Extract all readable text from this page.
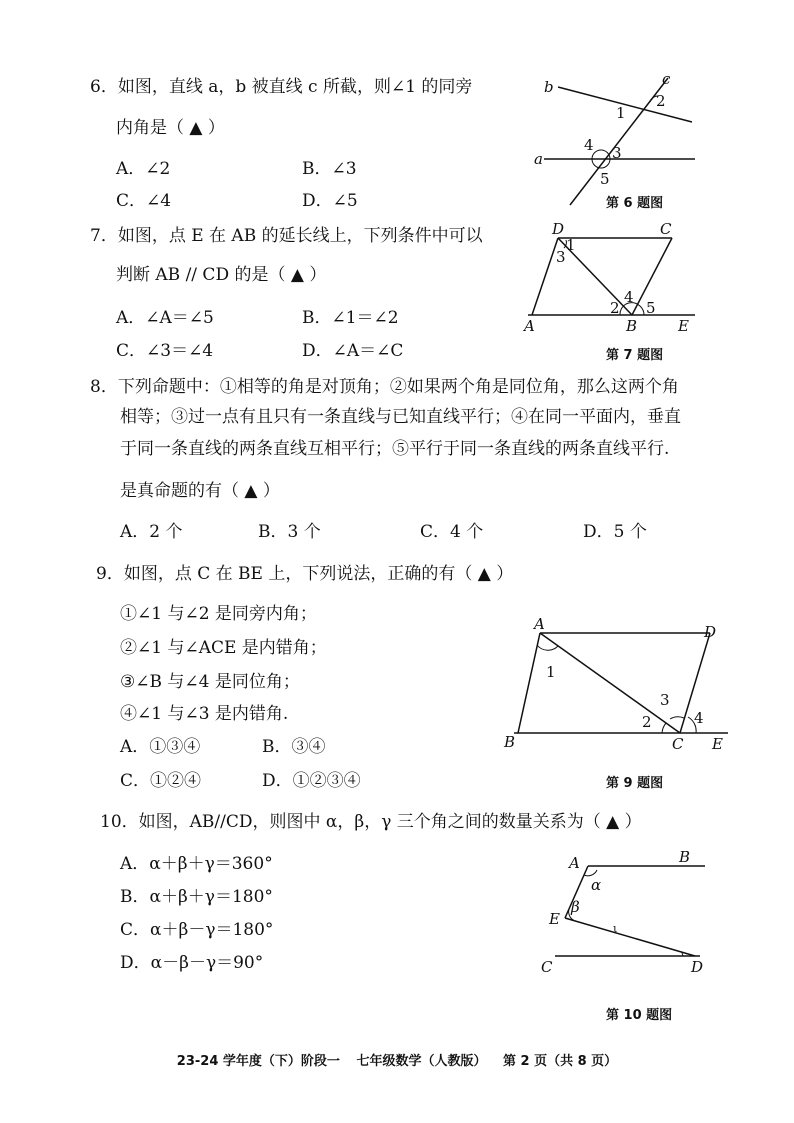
6．如图，直线 a，b 被直线 c 所截，则∠1 的同旁
内角是（ ▲ ）
A．∠2	B．∠3
C．∠4	D．∠5
b
a
c
1
2
3
4
5
第 6 题图
7．如图，点 E 在 AB 的延长线上，下列条件中可以
判断 AB // CD 的是（ ▲ ）
A．∠A＝∠5	B．∠1＝∠2
C．∠3＝∠4	D．∠A＝∠C
D	C
A	B	E
1
3
2
4
5
第 7 题图
8．下列命题中：①相等的角是对顶角；②如果两个角是同位角，那么这两个角
相等；③过一点有且只有一条直线与已知直线平行；④在同一平面内，垂直
于同一条直线的两条直线互相平行；⑤平行于同一条直线的两条直线平行.
是真命题的有（ ▲ ）
A．2 个	B．3 个	C．4 个	D．5 个
9．如图，点 C 在 BE 上，下列说法，正确的有（ ▲ ）
①∠1 与∠2 是同旁内角；
②∠1 与∠ACE 是内错角；
③∠B 与∠4 是同位角；
④∠1 与∠3 是内错角.
A．①③④	B．③④
C．①②④	D．①②③④
A	D
B	C E
1
2
3
4
第 9 题图
10．如图，AB//CD，则图中 α，β，γ 三个角之间的数量关系为（ ▲ ）
A．α＋β＋γ＝360°
B．α＋β＋γ＝180°
C．α＋β－γ＝180°
D．α－β－γ＝90°
A	B
E
C	D
α
β
ι
第 10 题图
23-24 学年度（下）阶段一 七年级数学（人教版） 第 2 页（共 8 页）
